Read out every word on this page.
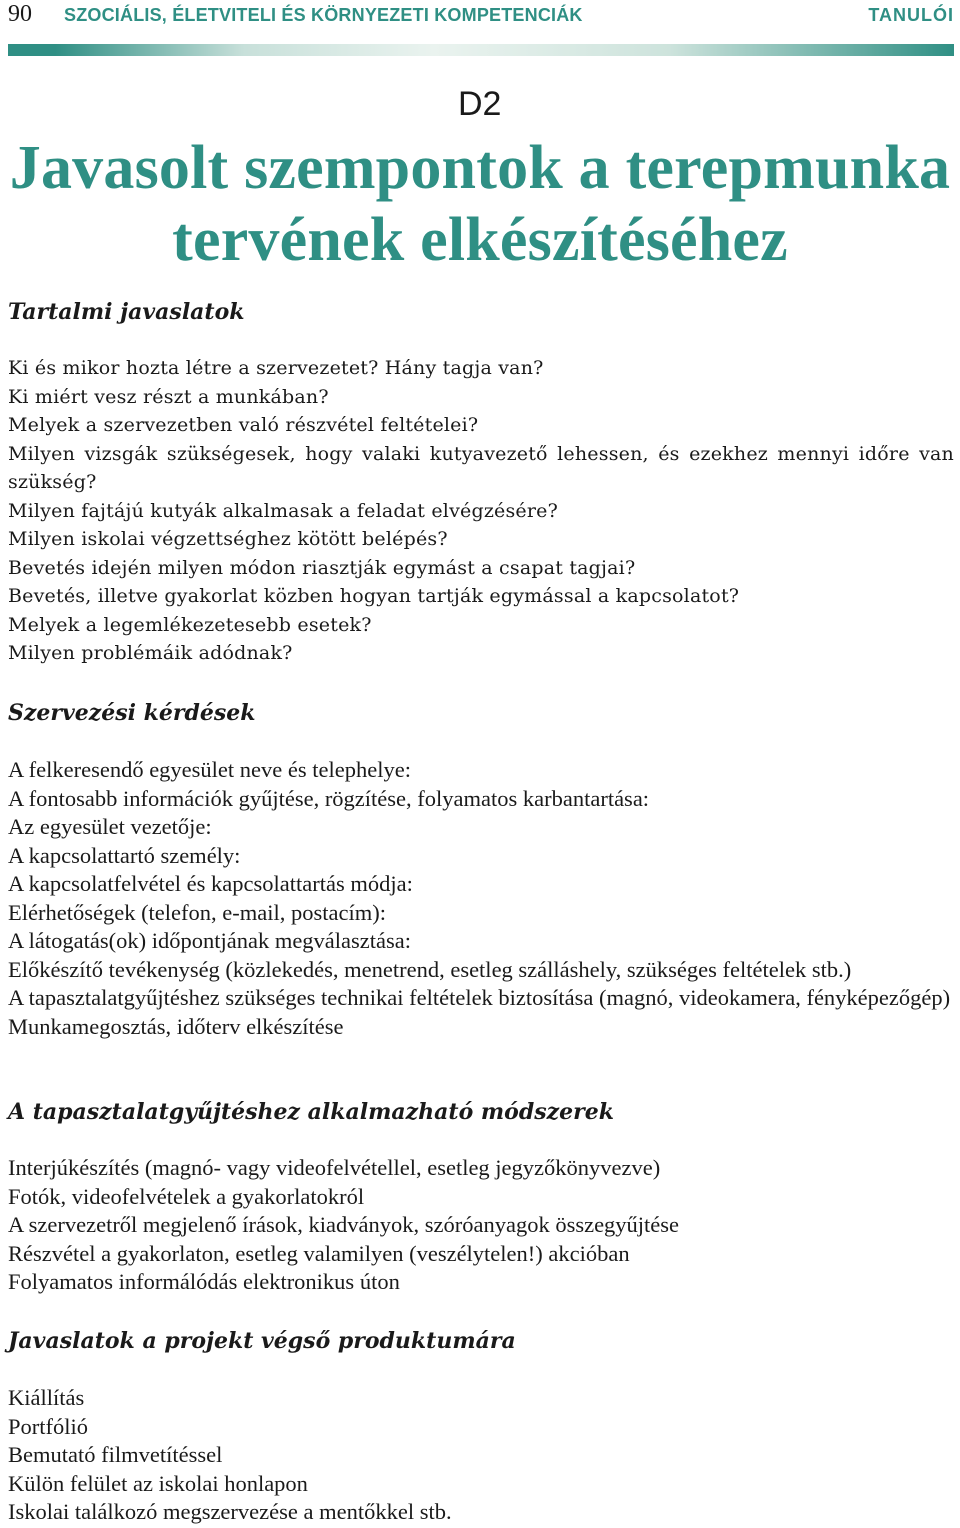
90 SZOCIÁLIS, ÉLETVITELI ÉS KÖRNYEZETI KOMPETENCIÁK	TANULÓI
D2
Javasolt szempontok a terepmunka
tervének elkészítéséhez
Tartalmi javaslatok
Ki és mikor hozta létre a szervezetet? Hány tagja van?
Ki miért vesz részt a munkában?
Melyek a szervezetben való részvétel feltételei?
Milyen vizsgák szükségesek, hogy valaki kutyavezető lehessen, és ezekhez mennyi időre van szükség?
Milyen fajtájú kutyák alkalmasak a feladat elvégzésére?
Milyen iskolai végzettséghez kötött belépés?
Bevetés idején milyen módon riasztják egymást a csapat tagjai?
Bevetés, illetve gyakorlat közben hogyan tartják egymással a kapcsolatot?
Melyek a legemlékezetesebb esetek?
Milyen problémáik adódnak?
Szervezési kérdések
A felkeresendő egyesület neve és telephelye:
A fontosabb információk gyűjtése, rögzítése, folyamatos karbantartása:
Az egyesület vezetője:
A kapcsolattartó személy:
A kapcsolatfelvétel és kapcsolattartás módja:
Elérhetőségek (telefon, e-mail, postacím):
A látogatás(ok) időpontjának megválasztása:
Előkészítő tevékenység (közlekedés, menetrend, esetleg szálláshely, szükséges feltételek stb.)
A tapasztalatgyűjtéshez szükséges technikai feltételek biztosítása (magnó, videokamera, fényképezőgép)
Munkamegosztás, időterv elkészítése
A tapasztalatgyűjtéshez alkalmazható módszerek
Interjúkészítés (magnó- vagy videofelvétellel, esetleg jegyzőkönyvezve)
Fotók, videofelvételek a gyakorlatokról
A szervezetről megjelenő írások, kiadványok, szóróanyagok összegyűjtése
Részvétel a gyakorlaton, esetleg valamilyen (veszélytelen!) akcióban
Folyamatos informálódás elektronikus úton
Javaslatok a projekt végső produktumára
Kiállítás
Portfólió
Bemutató filmvetítéssel
Külön felület az iskolai honlapon
Iskolai találkozó megszervezése a mentőkkel stb.
